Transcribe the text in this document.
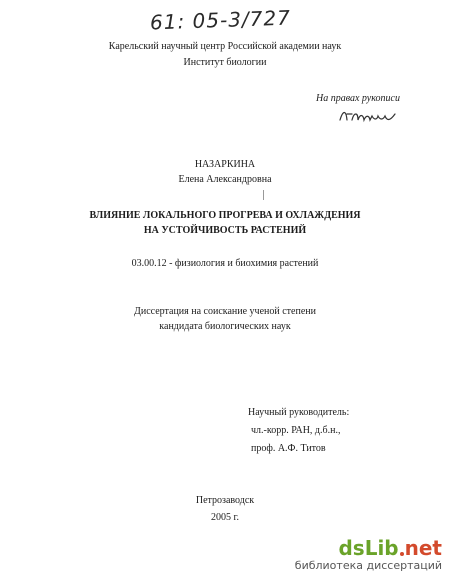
61: 05-3/727
Карельский научный центр Российской академии наук
Институт биологии
На правах рукописи
НАЗАРКИНА
Елена Александровна
ВЛИЯНИЕ ЛОКАЛЬНОГО ПРОГРЕВА И ОХЛАЖДЕНИЯ
НА УСТОЙЧИВОСТЬ РАСТЕНИЙ
03.00.12 - физиология и биохимия растений
Диссертация на соискание ученой степени
кандидата биологических наук
Научный руководитель:
чл.-корр. РАН, д.б.н.,
проф. А.Ф. Титов
Петрозаводск
2005 г.
dsLib net
библиотека диссертаций
